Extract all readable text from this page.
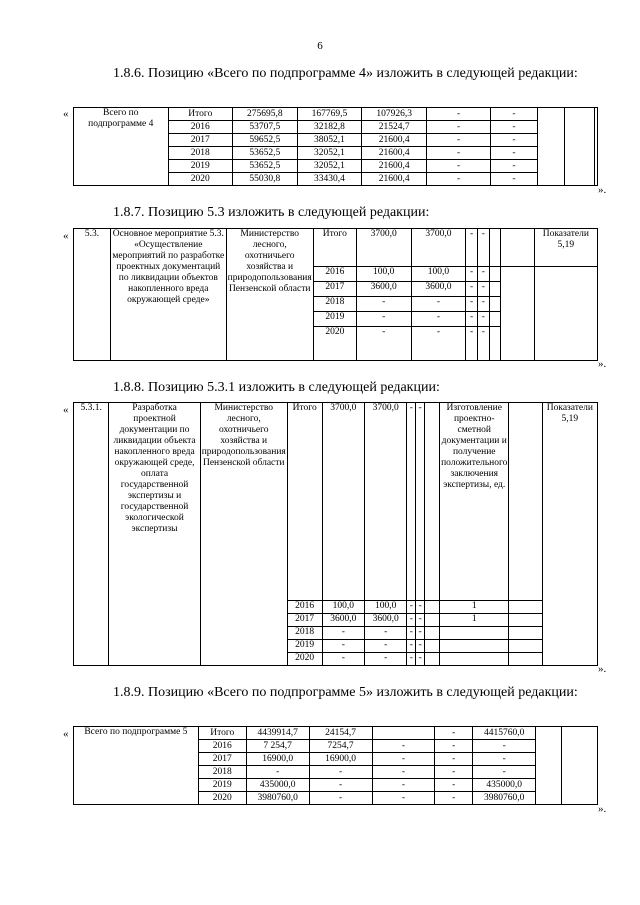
6

1.8.6. Позицию «Всего по подпрограмме 4» изложить в следующей редакции:

«	Всего по подпрограмме 4	Итого	275695,8	167769,5	107926,3	-	-			
	2016	53707,5	32182,8	21524,7	-	-			
	2017	59652,5	38052,1	21600,4	-	-			
	2018	53652,5	32052,1	21600,4	-	-			
	2019	53652,5	32052,1	21600,4	-	-			
	2020	55030,8	33430,4	21600,4	-	-			
».

1.8.7. Позицию 5.3 изложить в следующей редакции:

« 5.3.	Основное мероприятие 5.3. «Осуществление мероприятий по разработке проектных документаций по ликвидации объектов накопленного вреда окружающей среде»	Министерство лесного, охотничьего хозяйства и природопользования Пензенской области	Итого	3700,0	3700,0	-	-			Показатели 5,19
			2016	100,0	100,0	-	-			
			2017	3600,0	3600,0	-	-			
			2018	-	-	-	-			
			2019	-	-	-	-			
			2020	-	-	-	-			
».

1.8.8. Позицию 5.3.1 изложить в следующей редакции:

« 5.3.1.	Разработка проектной документации по ликвидации объекта накопленного вреда окружающей среде, оплата государственной экспертизы и государственной экологической экспертизы	Министерство лесного, охотничьего хозяйства и природопользования Пензенской области	Итого	3700,0	3700,0	-	-		Изготовление проектно-сметной документации и получение положительного заключения экспертизы, ед.		Показатели 5,19
			2016	100,0	100,0	-	-		1		
			2017	3600,0	3600,0	-	-		1		
			2018	-	-	-	-				
			2019	-	-	-	-				
			2020	-	-	-	-				
».

1.8.9. Позицию «Всего по подпрограмме 5» изложить в следующей редакции:

« Всего по подпрограмме 5	Итого	4439914,7	24154,7		-	4415760,0		
	2016	7 254,7	7254,7	-	-	-		
	2017	16900,0	16900,0	-	-	-		
	2018	-	-	-	-	-		
	2019	435000,0	-	-	-	435000,0		
	2020	3980760,0	-	-	-	3980760,0		
».
